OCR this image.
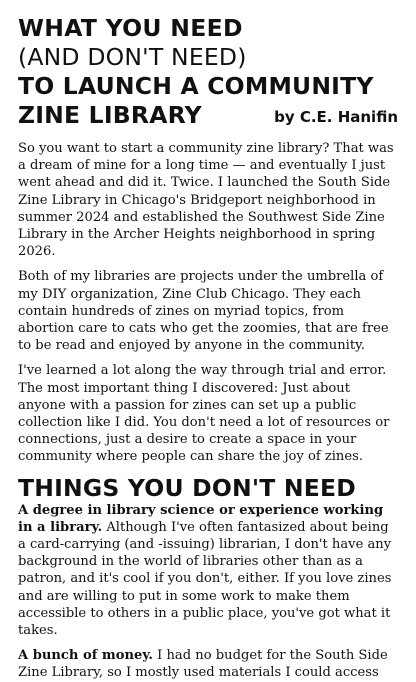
WHAT YOU NEED
(AND DON'T NEED)
TO LAUNCH A COMMUNITY
ZINE LIBRARY	by C.E. Hanifin

So you want to start a community zine library? That was a dream of mine for a long time — and eventually I just went ahead and did it. Twice. I launched the South Side Zine Library in Chicago's Bridgeport neighborhood in summer 2024 and established the Southwest Side Zine Library in the Archer Heights neighborhood in spring 2026.

Both of my libraries are projects under the umbrella of my DIY organization, Zine Club Chicago. They each contain hundreds of zines on myriad topics, from abortion care to cats who get the zoomies, that are free to be read and enjoyed by anyone in the community.

I've learned a lot along the way through trial and error. The most important thing I discovered: Just about anyone with a passion for zines can set up a public collection like I did. You don't need a lot of resources or connections, just a desire to create a space in your community where people can share the joy of zines.

THINGS YOU DON'T NEED

A degree in library science or experience working in a library. Although I've often fantasized about being a card-carrying (and -issuing) librarian, I don't have any background in the world of libraries other than as a patron, and it's cool if you don't, either. If you love zines and are willing to put in some work to make them accessible to others in a public place, you've got what it takes.

A bunch of money. I had no budget for the South Side Zine Library, so I mostly used materials I could access
